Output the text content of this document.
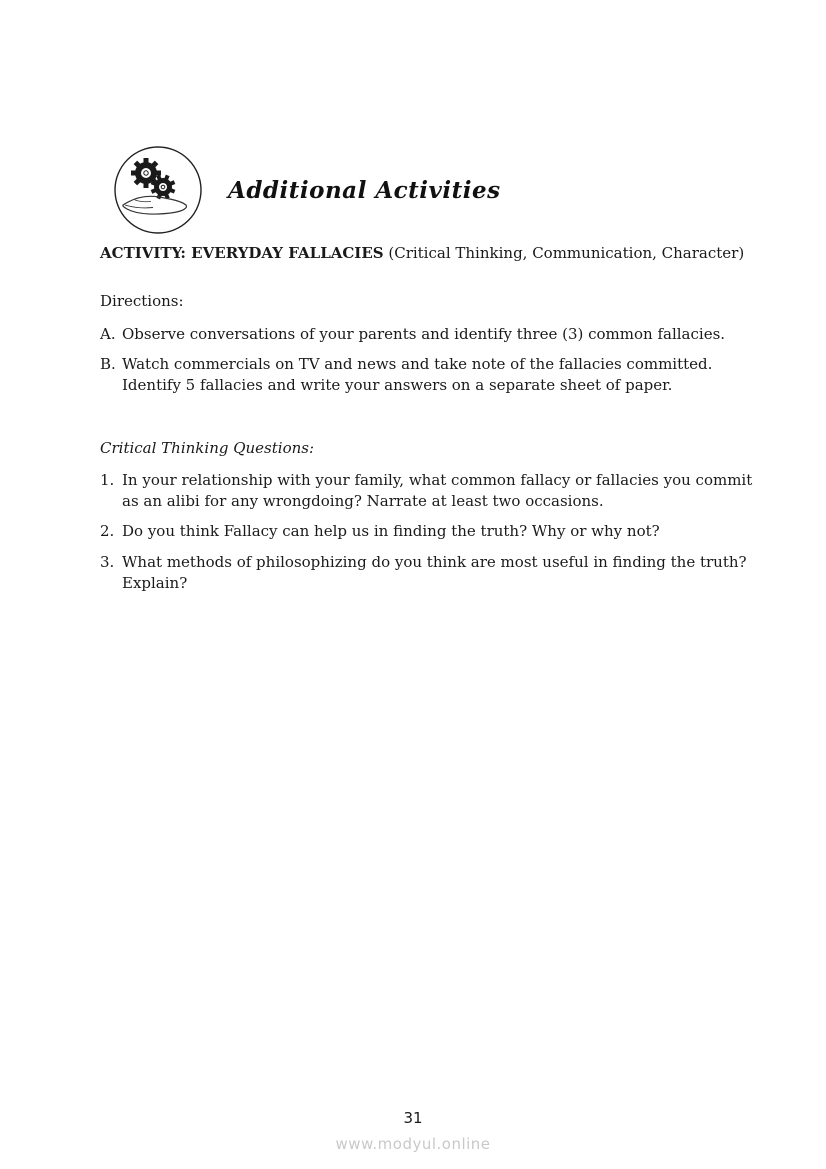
Additional Activities

ACTIVITY: EVERYDAY FALLACIES (Critical Thinking, Communication, Character)

Directions:

A. Observe conversations of your parents and identify three (3) common fallacies.
B. Watch commercials on TV and news and take note of the fallacies committed. Identify 5 fallacies and write your answers on a separate sheet of paper.

Critical Thinking Questions:

1. In your relationship with your family, what common fallacy or fallacies you commit as an alibi for any wrongdoing? Narrate at least two occasions.
2. Do you think Fallacy can help us in finding the truth? Why or why not?
3. What methods of philosophizing do you think are most useful in finding the truth? Explain?
31
www.modyul.online
